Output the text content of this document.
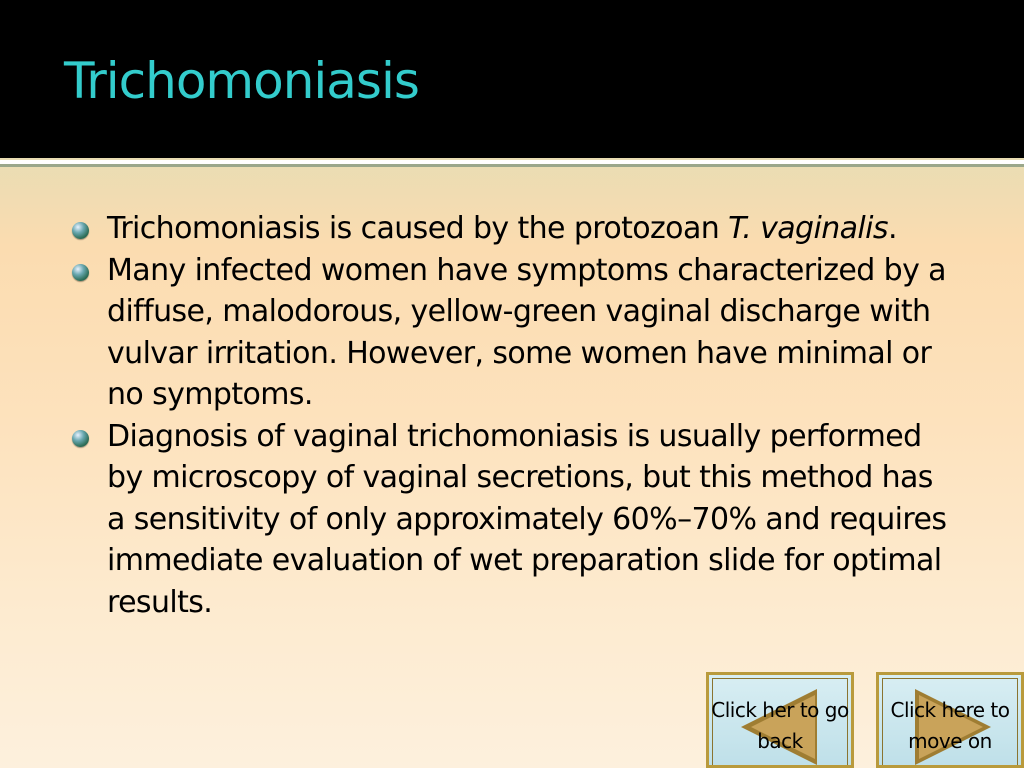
Trichomoniasis
Trichomoniasis is caused by the protozoan T. vaginalis.
Many infected women have symptoms characterized by a diffuse, malodorous, yellow-green vaginal discharge with vulvar irritation. However, some women have minimal or no symptoms.
Diagnosis of vaginal trichomoniasis is usually performed by microscopy of vaginal secretions, but this method has a sensitivity of only approximately 60%–70% and requires immediate evaluation of wet preparation slide for optimal results.
Click her to go back
Click here to move on
